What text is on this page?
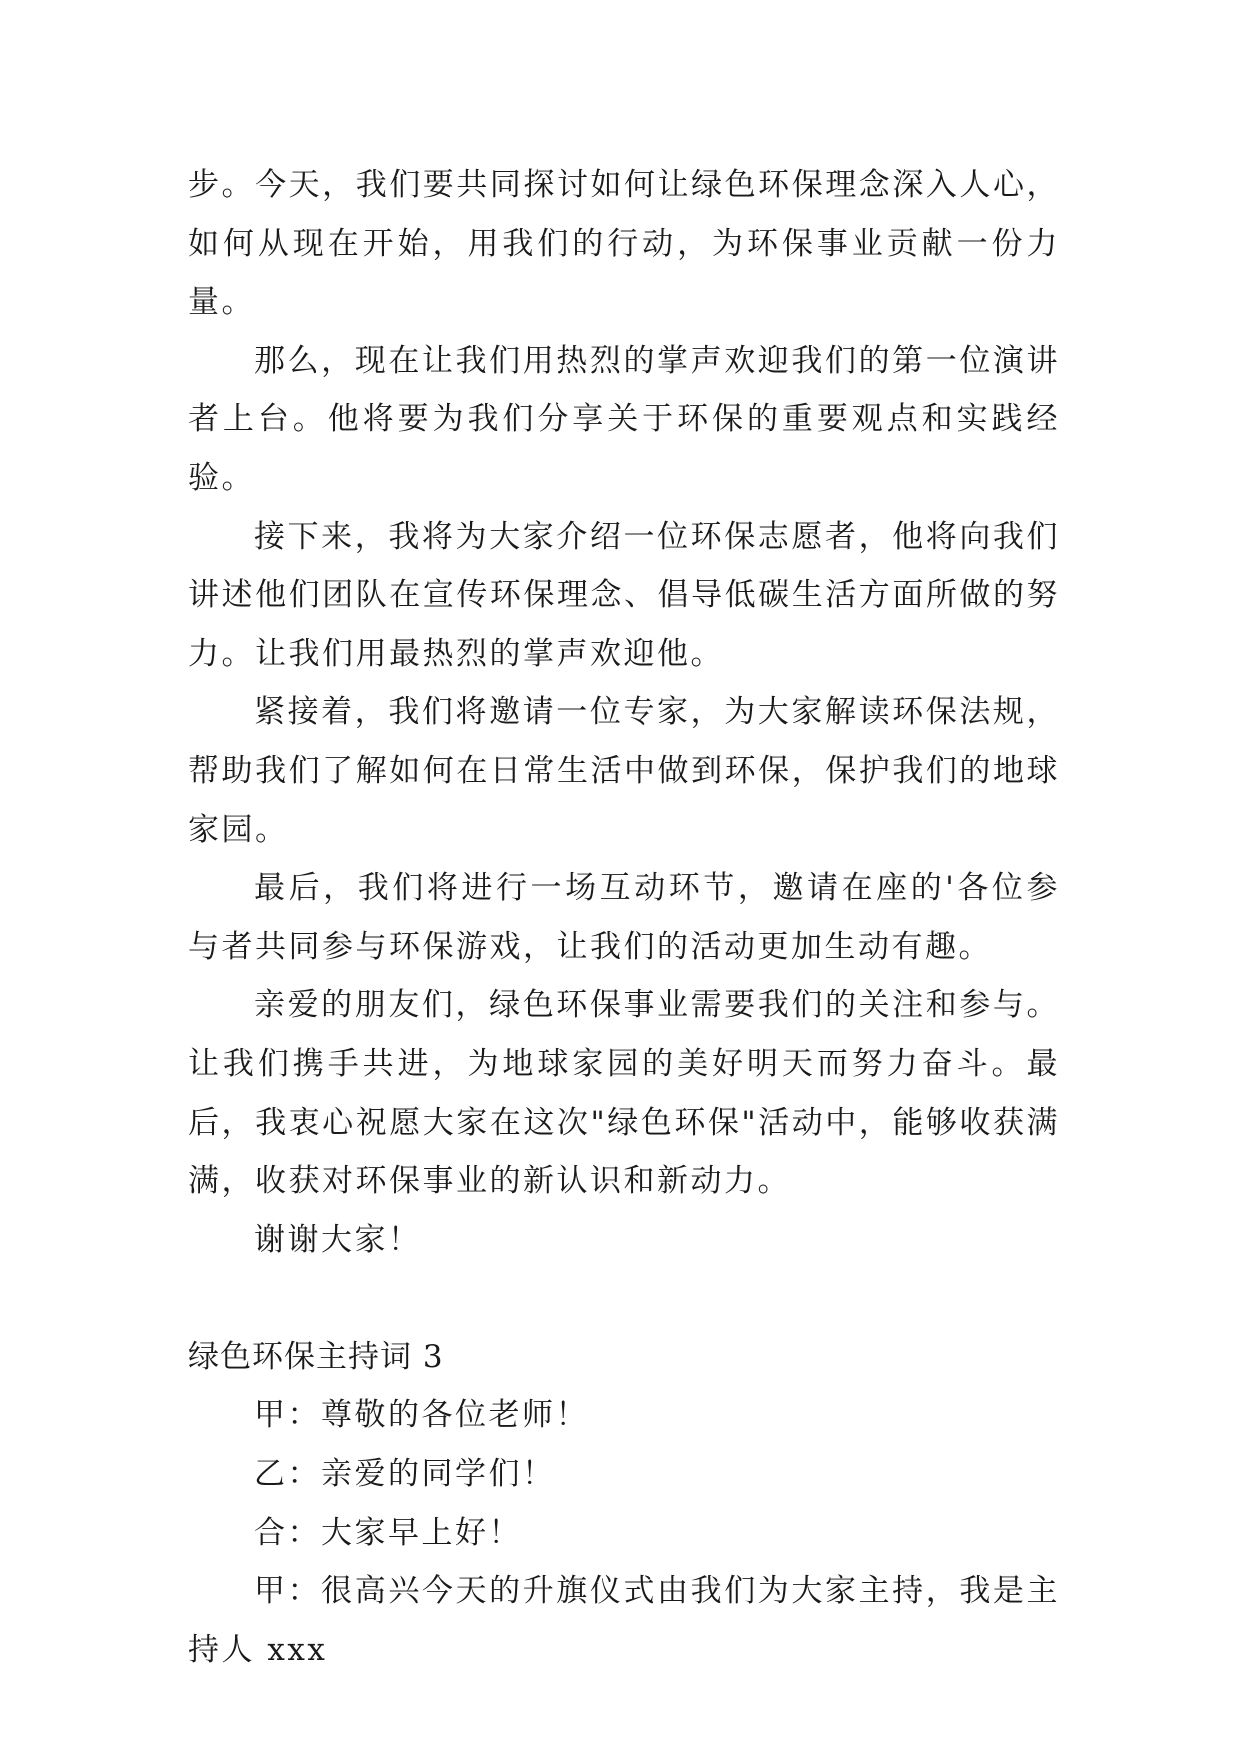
步。今天，我们要共同探讨如何让绿色环保理念深入人心，如何从现在开始，用我们的行动，为环保事业贡献一份力量。

那么，现在让我们用热烈的掌声欢迎我们的第一位演讲者上台。他将要为我们分享关于环保的重要观点和实践经验。

接下来，我将为大家介绍一位环保志愿者，他将向我们讲述他们团队在宣传环保理念、倡导低碳生活方面所做的努力。让我们用最热烈的掌声欢迎他。

紧接着，我们将邀请一位专家，为大家解读环保法规，帮助我们了解如何在日常生活中做到环保，保护我们的地球家园。

最后，我们将进行一场互动环节，邀请在座的'各位参与者共同参与环保游戏，让我们的活动更加生动有趣。

亲爱的朋友们，绿色环保事业需要我们的关注和参与。让我们携手共进，为地球家园的美好明天而努力奋斗。最后，我衷心祝愿大家在这次"绿色环保"活动中，能够收获满满，收获对环保事业的新认识和新动力。

谢谢大家！

绿色环保主持词 3

甲：尊敬的各位老师！

乙：亲爱的同学们！

合：大家早上好！

甲：很高兴今天的升旗仪式由我们为大家主持，我是主持人 xxx
